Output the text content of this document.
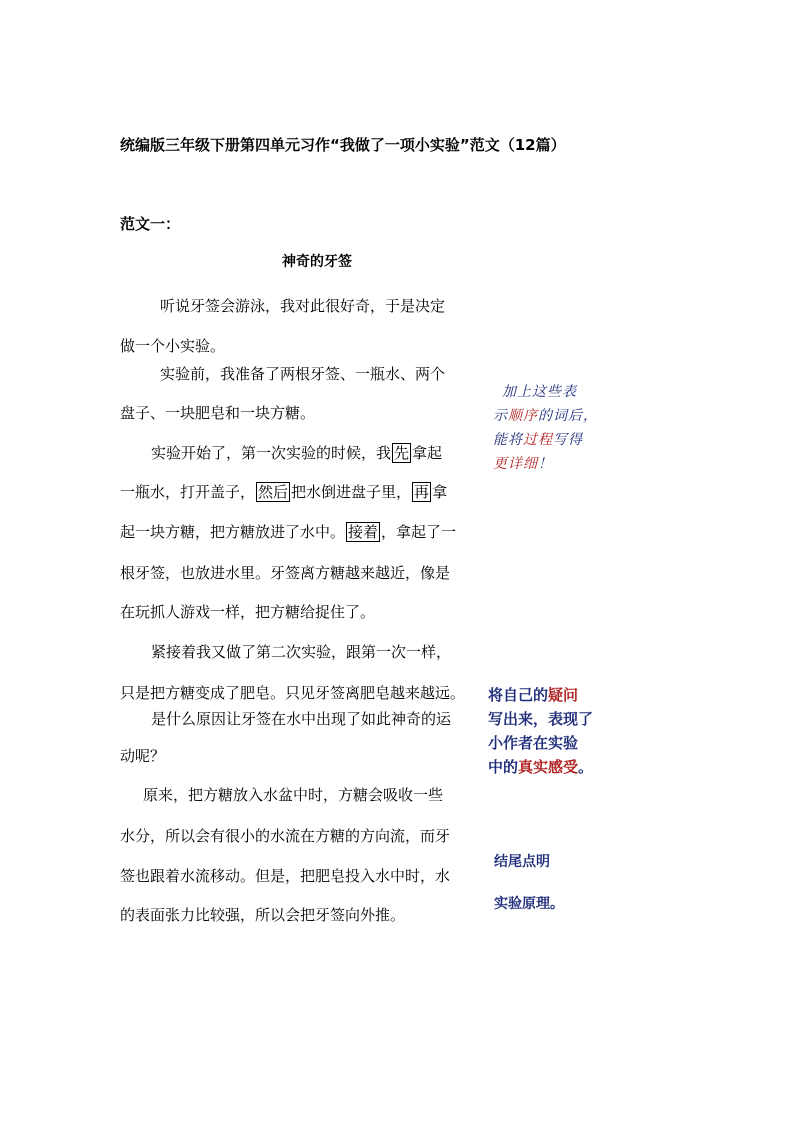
统编版三年级下册第四单元习作“我做了一项小实验”范文（12篇）
范文一：
神奇的牙签
听说牙签会游泳，我对此很好奇，于是决定
做一个小实验。
实验前，我准备了两根牙签、一瓶水、两个
盘子、一块肥皂和一块方糖。
实验开始了，第一次实验的时候，我 先 拿起
一瓶水，打开盖子， 然后 把水倒进盘子里， 再 拿
起一块方糖，把方糖放进了水中。 接着 ，拿起了一
根牙签，也放进水里。牙签离方糖越来越近，像是
在玩抓人游戏一样，把方糖给捉住了。
紧接着我又做了第二次实验，跟第一次一样，
只是把方糖变成了肥皂。只见牙签离肥皂越来越远。
是什么原因让牙签在水中出现了如此神奇的运
动呢？
原来，把方糖放入水盆中时，方糖会吸收一些
水分，所以会有很小的水流在方糖的方向流，而牙
签也跟着水流移动。但是，把肥皂投入水中时，水
的表面张力比较强，所以会把牙签向外推。
加上这些表
示顺序的词后，
能将过程写得
更详细！
将自己的疑问
写出来，表现了
小作者在实验
中的真实感受。
结尾点明
实验原理。
